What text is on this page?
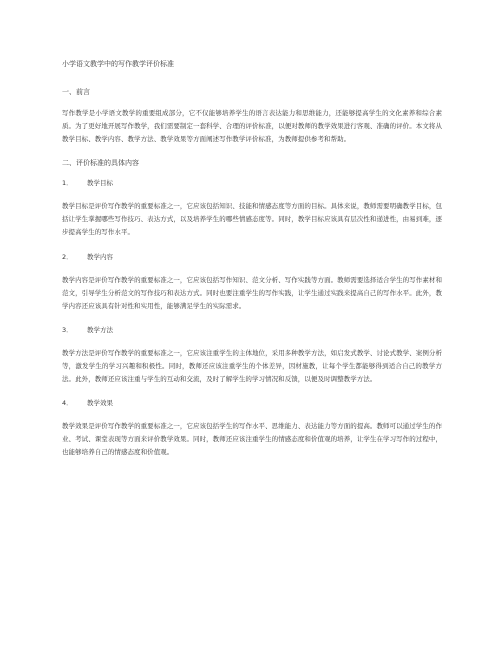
小学语文教学中的写作教学评价标准
一、前言
写作教学是小学语文教学的重要组成部分，它不仅能够培养学生的语言表达能力和思维能力，还能够提高学生的文化素养和综合素质。为了更好地开展写作教学，我们需要制定一套科学、合理的评价标准，以便对教师的教学效果进行客观、准确的评价。本文将从教学目标、教学内容、教学方法、教学效果等方面阐述写作教学评价标准，为教师提供参考和帮助。
二、评价标准的具体内容
1． 教学目标
教学目标是评价写作教学的重要标准之一，它应该包括知识、技能和情感态度等方面的目标。具体来说，教师需要明确教学目标，包括让学生掌握哪些写作技巧、表达方式，以及培养学生的哪些情感态度等。同时，教学目标应该具有层次性和递进性，由易到难，逐步提高学生的写作水平。
2． 教学内容
教学内容是评价写作教学的重要标准之一，它应该包括写作知识、范文分析、写作实践等方面。教师需要选择适合学生的写作素材和范文，引导学生分析范文的写作技巧和表达方式。同时也要注重学生的写作实践，让学生通过实践来提高自己的写作水平。此外，教学内容还应该具有针对性和实用性，能够满足学生的实际需求。
3． 教学方法
教学方法是评价写作教学的重要标准之一，它应该注重学生的主体地位，采用多种教学方法，如启发式教学、讨论式教学、案例分析等，激发学生的学习兴趣和积极性。同时，教师还应该注重学生的个体差异，因材施教，让每个学生都能够得到适合自己的教学方法。此外，教师还应该注重与学生的互动和交流，及时了解学生的学习情况和反馈，以便及时调整教学方法。
4． 教学效果
教学效果是评价写作教学的重要标准之一，它应该包括学生的写作水平、思维能力、表达能力等方面的提高。教师可以通过学生的作业、考试、课堂表现等方面来评价教学效果。同时，教师还应该注重学生的情感态度和价值观的培养，让学生在学习写作的过程中，也能够培养自己的情感态度和价值观。
